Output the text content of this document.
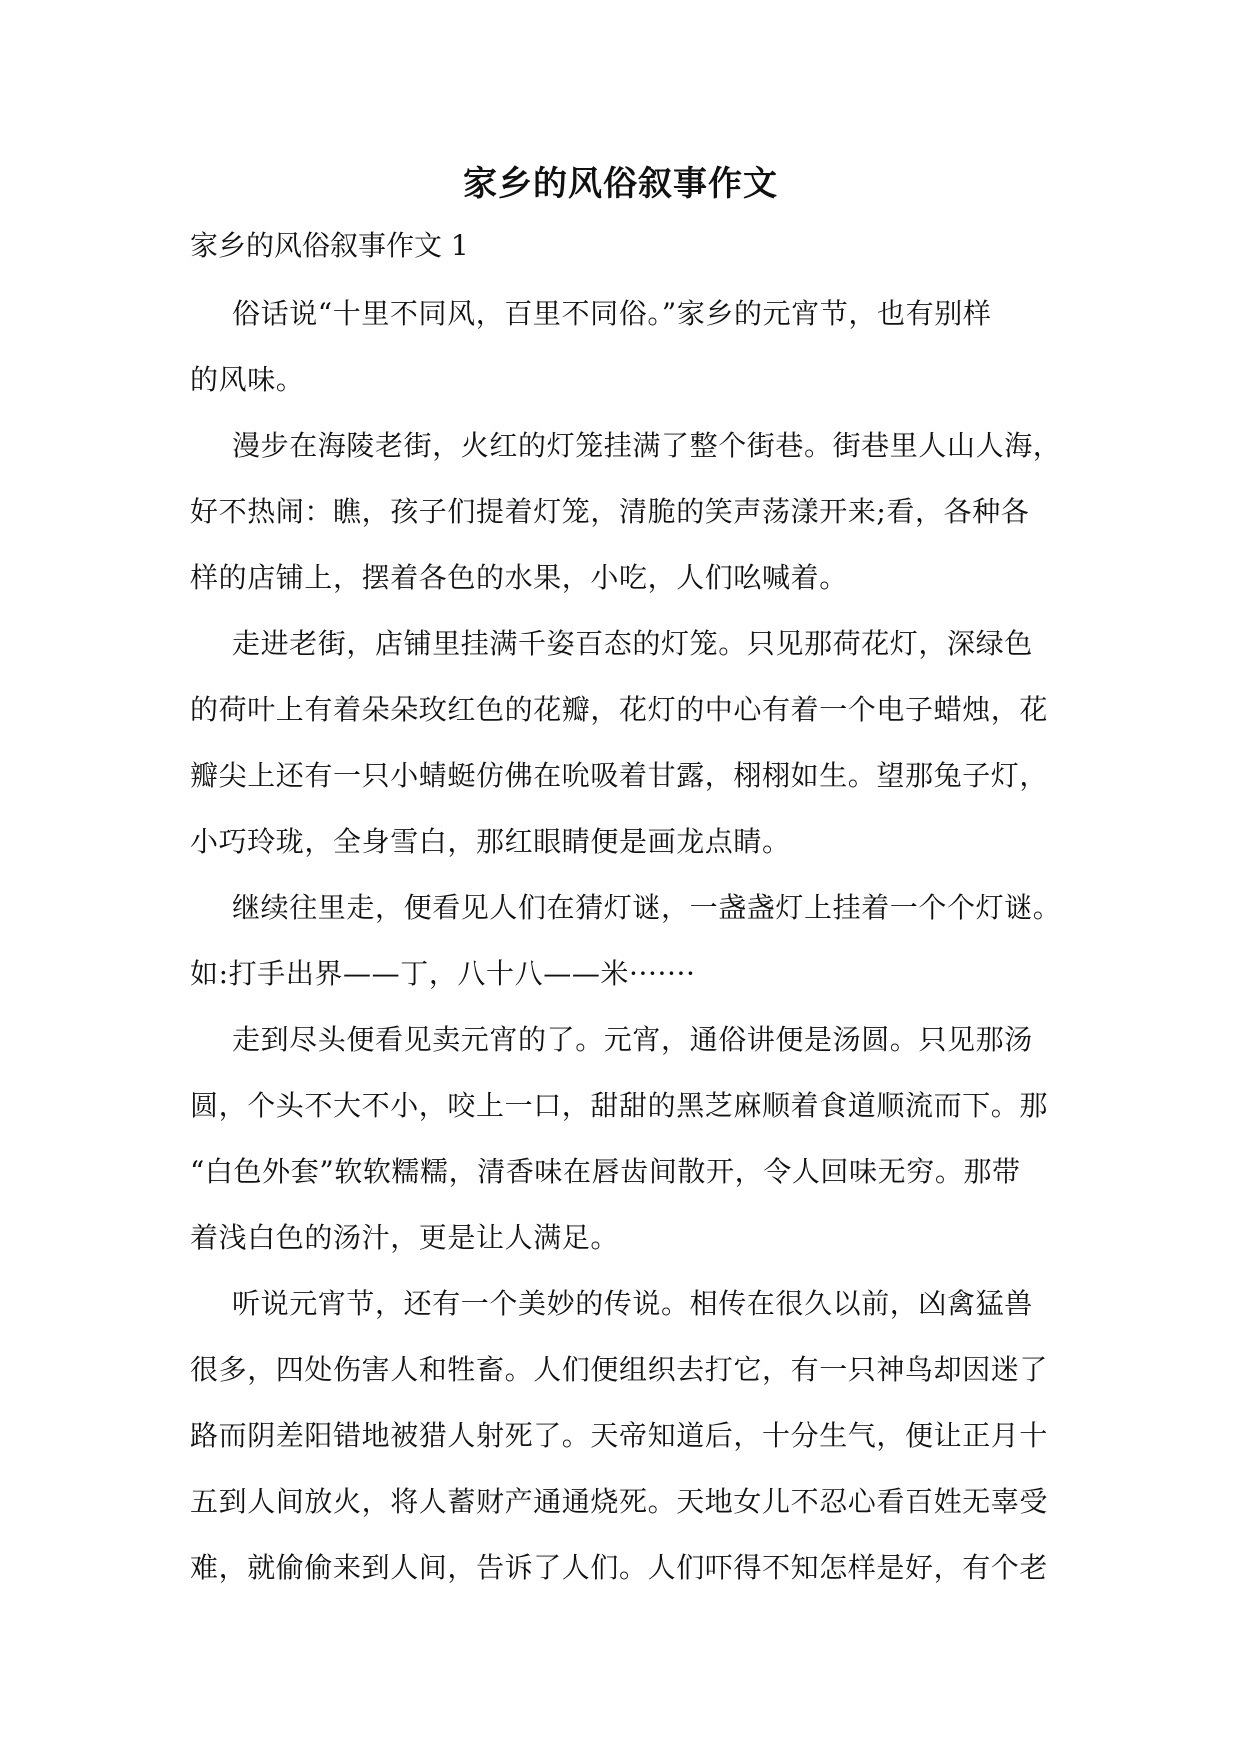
家乡的风俗叙事作文

家乡的风俗叙事作文 1

俗话说“十里不同风，百里不同俗。”家乡的元宵节，也有别样

的风味。

漫步在海陵老街，火红的灯笼挂满了整个街巷。街巷里人山人海，

好不热闹：瞧，孩子们提着灯笼，清脆的笑声荡漾开来;看，各种各

样的店铺上，摆着各色的水果，小吃，人们吆喊着。

走进老街，店铺里挂满千姿百态的灯笼。只见那荷花灯，深绿色

的荷叶上有着朵朵玫红色的花瓣，花灯的中心有着一个电子蜡烛，花

瓣尖上还有一只小蜻蜓仿佛在吮吸着甘露，栩栩如生。望那兔子灯，

小巧玲珑，全身雪白，那红眼睛便是画龙点睛。

继续往里走，便看见人们在猜灯谜，一盏盏灯上挂着一个个灯谜。

如:打手出界——丁，八十八——米·······

走到尽头便看见卖元宵的了。元宵，通俗讲便是汤圆。只见那汤

圆，个头不大不小，咬上一口，甜甜的黑芝麻顺着食道顺流而下。那

“白色外套”软软糯糯，清香味在唇齿间散开，令人回味无穷。那带

着浅白色的汤汁，更是让人满足。

听说元宵节，还有一个美妙的传说。相传在很久以前，凶禽猛兽

很多，四处伤害人和牲畜。人们便组织去打它，有一只神鸟却因迷了

路而阴差阳错地被猎人射死了。天帝知道后，十分生气，便让正月十

五到人间放火，将人蓄财产通通烧死。天地女儿不忍心看百姓无辜受

难，就偷偷来到人间，告诉了人们。人们吓得不知怎样是好，有个老
